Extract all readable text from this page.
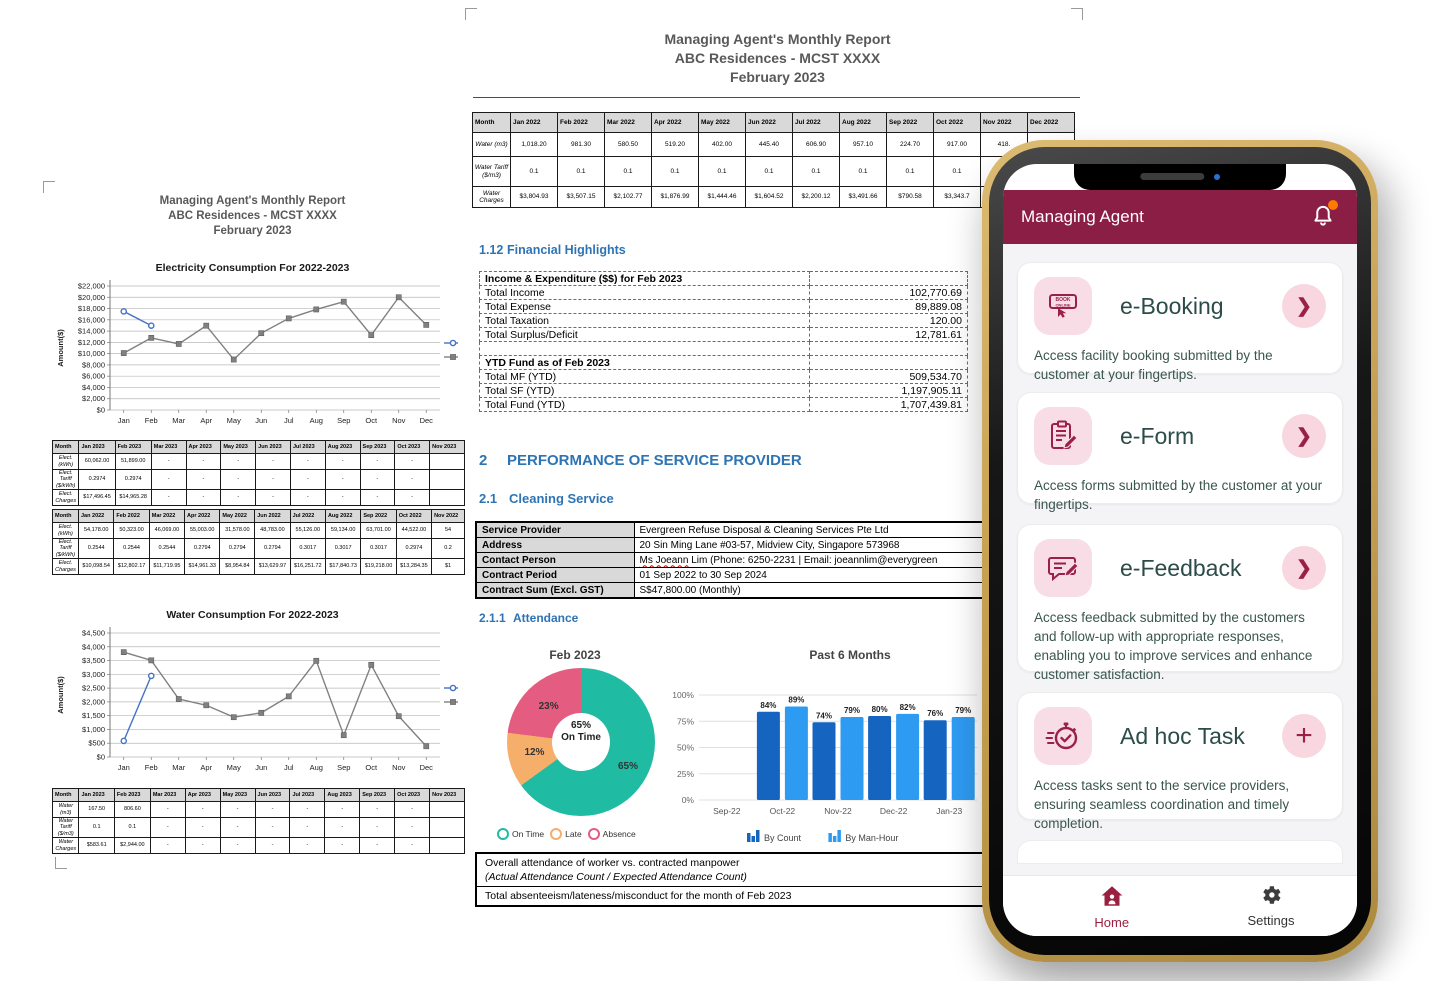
Managing Agent's Monthly Report
ABC Residences - MCST XXXX
February 2023
Electricity Consumption For 2022-2023
$0
$2,000
$4,000
$6,000
$8,000
$10,000
$12,000
$14,000
$16,000
$18,000
$20,000
$22,000
Jan Feb Mar Apr May Jun Jul Aug Sep Oct Nov Dec
Amount($)
Month	Jan 2023	Feb 2023	Mar 2023	Apr 2023	May 2023	Jun 2023	Jul 2023	Aug 2023	Sep 2023	Oct 2023	Nov 2023
Elect. (kWh)	60,062.00	51,899.00	-	-	-	-	-	-	-	-	
Elect. Tariff ($/kWh)	0.2974	0.2974	-	-	-	-	-	-	-	-	
Elect. Charges	$17,496.45	$14,965.28	-	-	-	-	-	-	-	-	
Month	Jan 2022	Feb 2022	Mar 2022	Apr 2022	May 2022	Jun 2022	Jul 2022	Aug 2022	Sep 2022	Oct 2022	Nov 2022
Elect. (kWh)	54,178.00	50,323.00	46,069.00	55,003.00	31,578.00	48,783.00	55,126.00	59,134.00	63,701.00	44,522.00	54
Elect. Tariff ($/kWh)	0.2544	0.2544	0.2544	0.2794	0.2794	0.2794	0.3017	0.3017	0.3017	0.2974	0.2
Elect. Charges	$10,098.54	$12,802.17	$11,719.95	$14,961.33	$8,954.84	$13,629.97	$16,251.72	$17,840.73	$19,218.00	$13,284.35	$1
Water Consumption For 2022-2023
$0
$500
$1,000
$1,500
$2,000
$2,500
$3,000
$3,500
$4,000
$4,500
Jan Feb Mar Apr May Jun Jul Aug Sep Oct Nov Dec
Amount($)
Month	Jan 2023	Feb 2023	Mar 2023	Apr 2023	May 2023	Jun 2023	Jul 2023	Aug 2023	Sep 2023	Oct 2023	Nov 2023
Water (m3)	167.50	806.60	-	-	-	-	-	-	-	-	
Water Tariff ($/m3)	0.1	0.1	-	-	-	-	-	-	-	-	
Water Charges	$583.61	$2,944.00	-	-	-	-	-	-	-	-	
Managing Agent's Monthly Report
ABC Residences - MCST XXXX
February 2023
Month	Jan 2022	Feb 2022	Mar 2022	Apr 2022	May 2022	Jun 2022	Jul 2022	Aug 2022	Sep 2022	Oct 2022	Nov 2022	Dec 2022
Water (m3)	1,018.20	981.30	580.50	519.20	402.00	445.40	606.90	957.10	224.70	917.00	418.	
Water Tariff ($/m3)	0.1	0.1	0.1	0.1	0.1	0.1	0.1	0.1	0.1	0.1		
Water Charges	$3,804.93	$3,507.15	$2,102.77	$1,876.99	$1,444.46	$1,604.52	$2,200.12	$3,491.66	$790.58	$3,343.7		
1.12 Financial Highlights
Income & Expenditure ($$) for Feb 2023	
Total Income	102,770.69
Total Expense	89,889.08
Total Taxation	120.00
Total Surplus/Deficit	12,781.61

YTD Fund as of Feb 2023	
Total MF (YTD)	509,534.70
Total SF (YTD)	1,197,905.11
Total Fund (YTD)	1,707,439.81
2 PERFORMANCE OF SERVICE PROVIDER
2.1 Cleaning Service
Service Provider	Evergreen Refuse Disposal & Cleaning Services Pte Ltd
Address	20 Sin Ming Lane #03-57, Midview City, Singapore 573968
Contact Person	Ms Joeann Lim (Phone: 6250-2231 | Email: joeannlim@everygreen
Contract Period	01 Sep 2022 to 30 Sep 2024
Contract Sum (Excl. GST)	S$47,800.00 (Monthly)
2.1.1 Attendance
Feb 2023
65%
On Time
65%
12%
23%
On Time Late Absence
Past 6 Months
0%
25%
50%
75%
100%
Sep-22	Oct-22
84%
89%
Nov-22
74%
79%
Dec-22
80% 82%
Jan-23
76% 79%
By Count	By Man-Hour
Overall attendance of worker vs. contracted manpower
(Actual Attendance Count / Expected Attendance Count)
Total absenteeism/lateness/misconduct for the month of Feb 2023
Managing Agent
BOOK
ONLINE e-Booking	❯
Access facility booking submitted by the customer at your fingertips.
e-Form	❯
Access forms submitted by the customer at your fingertips.
e-Feedback	❯
Access feedback submitted by the customers and follow-up with appropriate responses, enabling you to improve services and enhance customer satisfaction.
Ad hoc Task	+
Access tasks sent to the service providers, ensuring seamless coordination and timely completion.
Home	Settings
